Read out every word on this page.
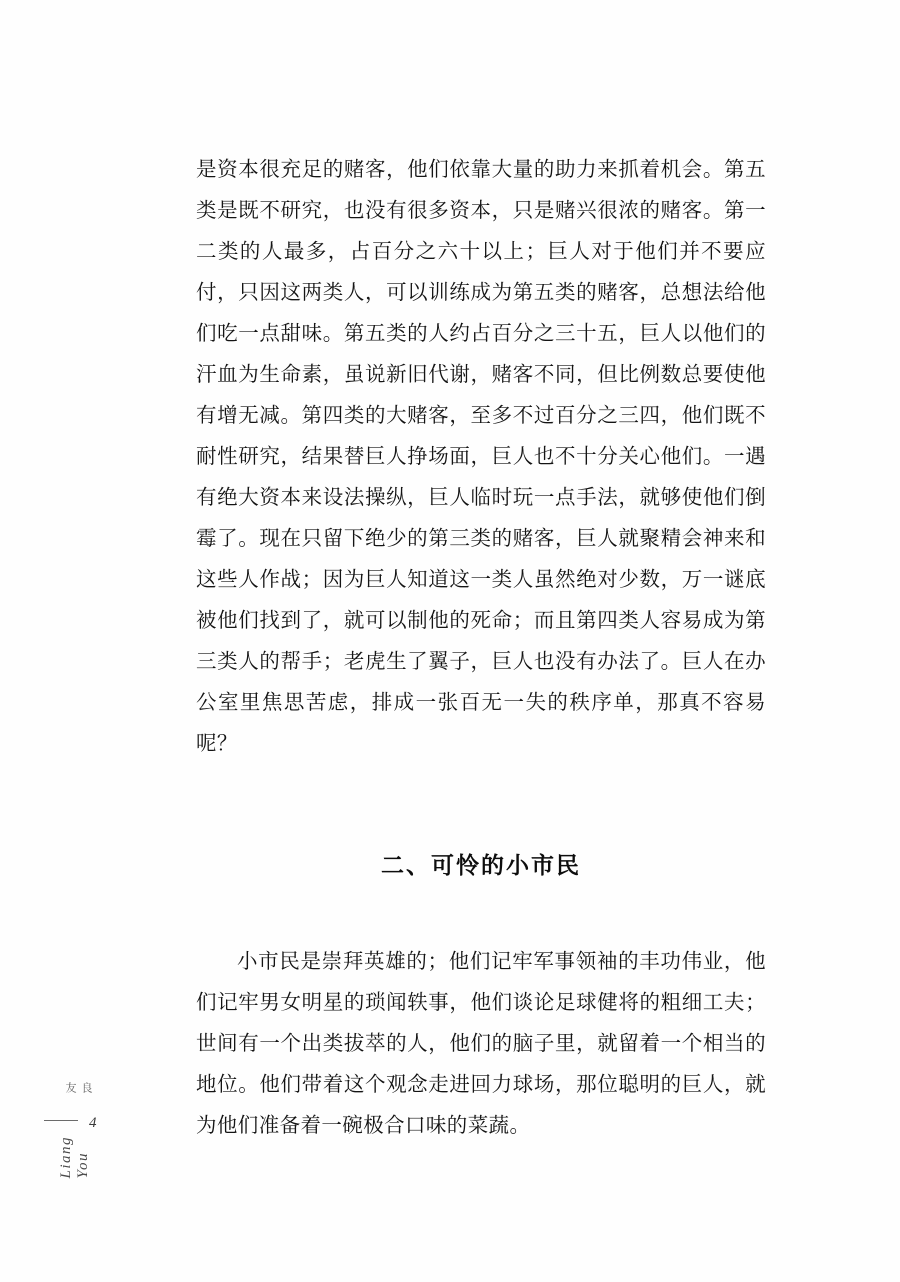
良友
4
Liang You

是资本很充足的赌客，他们依靠大量的助力来抓着机会。第五类是既不研究，也没有很多资本，只是赌兴很浓的赌客。第一二类的人最多，占百分之六十以上；巨人对于他们并不要应付，只因这两类人，可以训练成为第五类的赌客，总想法给他们吃一点甜味。第五类的人约占百分之三十五，巨人以他们的汗血为生命素，虽说新旧代谢，赌客不同，但比例数总要使他有增无减。第四类的大赌客，至多不过百分之三四，他们既不耐性研究，结果替巨人挣场面，巨人也不十分关心他们。一遇有绝大资本来设法操纵，巨人临时玩一点手法，就够使他们倒霉了。现在只留下绝少的第三类的赌客，巨人就聚精会神来和这些人作战；因为巨人知道这一类人虽然绝对少数，万一谜底被他们找到了，就可以制他的死命；而且第四类人容易成为第三类人的帮手；老虎生了翼子，巨人也没有办法了。巨人在办公室里焦思苦虑，排成一张百无一失的秩序单，那真不容易呢？

二、可怜的小市民

小市民是崇拜英雄的；他们记牢军事领袖的丰功伟业，他们记牢男女明星的琐闻轶事，他们谈论足球健将的粗细工夫；世间有一个出类拔萃的人，他们的脑子里，就留着一个相当的地位。他们带着这个观念走进回力球场，那位聪明的巨人，就为他们准备着一碗极合口味的菜蔬。
